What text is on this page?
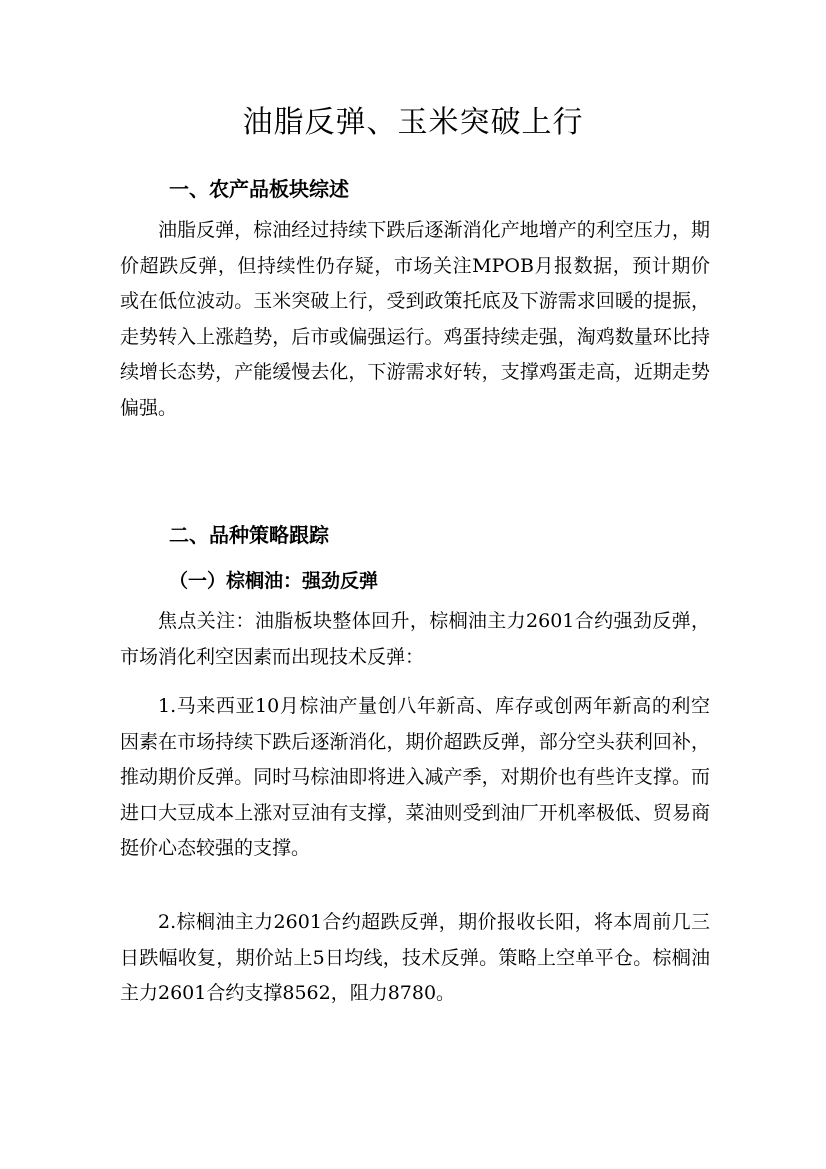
油脂反弹、玉米突破上行
一、农产品板块综述

油脂反弹，棕油经过持续下跌后逐渐消化产地增产的利空压力，期价超跌反弹，但持续性仍存疑，市场关注MPOB月报数据，预计期价或在低位波动。玉米突破上行，受到政策托底及下游需求回暖的提振，走势转入上涨趋势，后市或偏强运行。鸡蛋持续走强，淘鸡数量环比持续增长态势，产能缓慢去化，下游需求好转，支撑鸡蛋走高，近期走势偏强。

二、品种策略跟踪
（一）棕榈油：强劲反弹

焦点关注：油脂板块整体回升，棕榈油主力2601合约强劲反弹，市场消化利空因素而出现技术反弹：

1.马来西亚10月棕油产量创八年新高、库存或创两年新高的利空因素在市场持续下跌后逐渐消化，期价超跌反弹，部分空头获利回补，推动期价反弹。同时马棕油即将进入减产季，对期价也有些许支撑。而进口大豆成本上涨对豆油有支撑，菜油则受到油厂开机率极低、贸易商挺价心态较强的支撑。

2.棕榈油主力2601合约超跌反弹，期价报收长阳，将本周前几三日跌幅收复，期价站上5日均线，技术反弹。策略上空单平仓。棕榈油主力2601合约支撑8562，阻力8780。
